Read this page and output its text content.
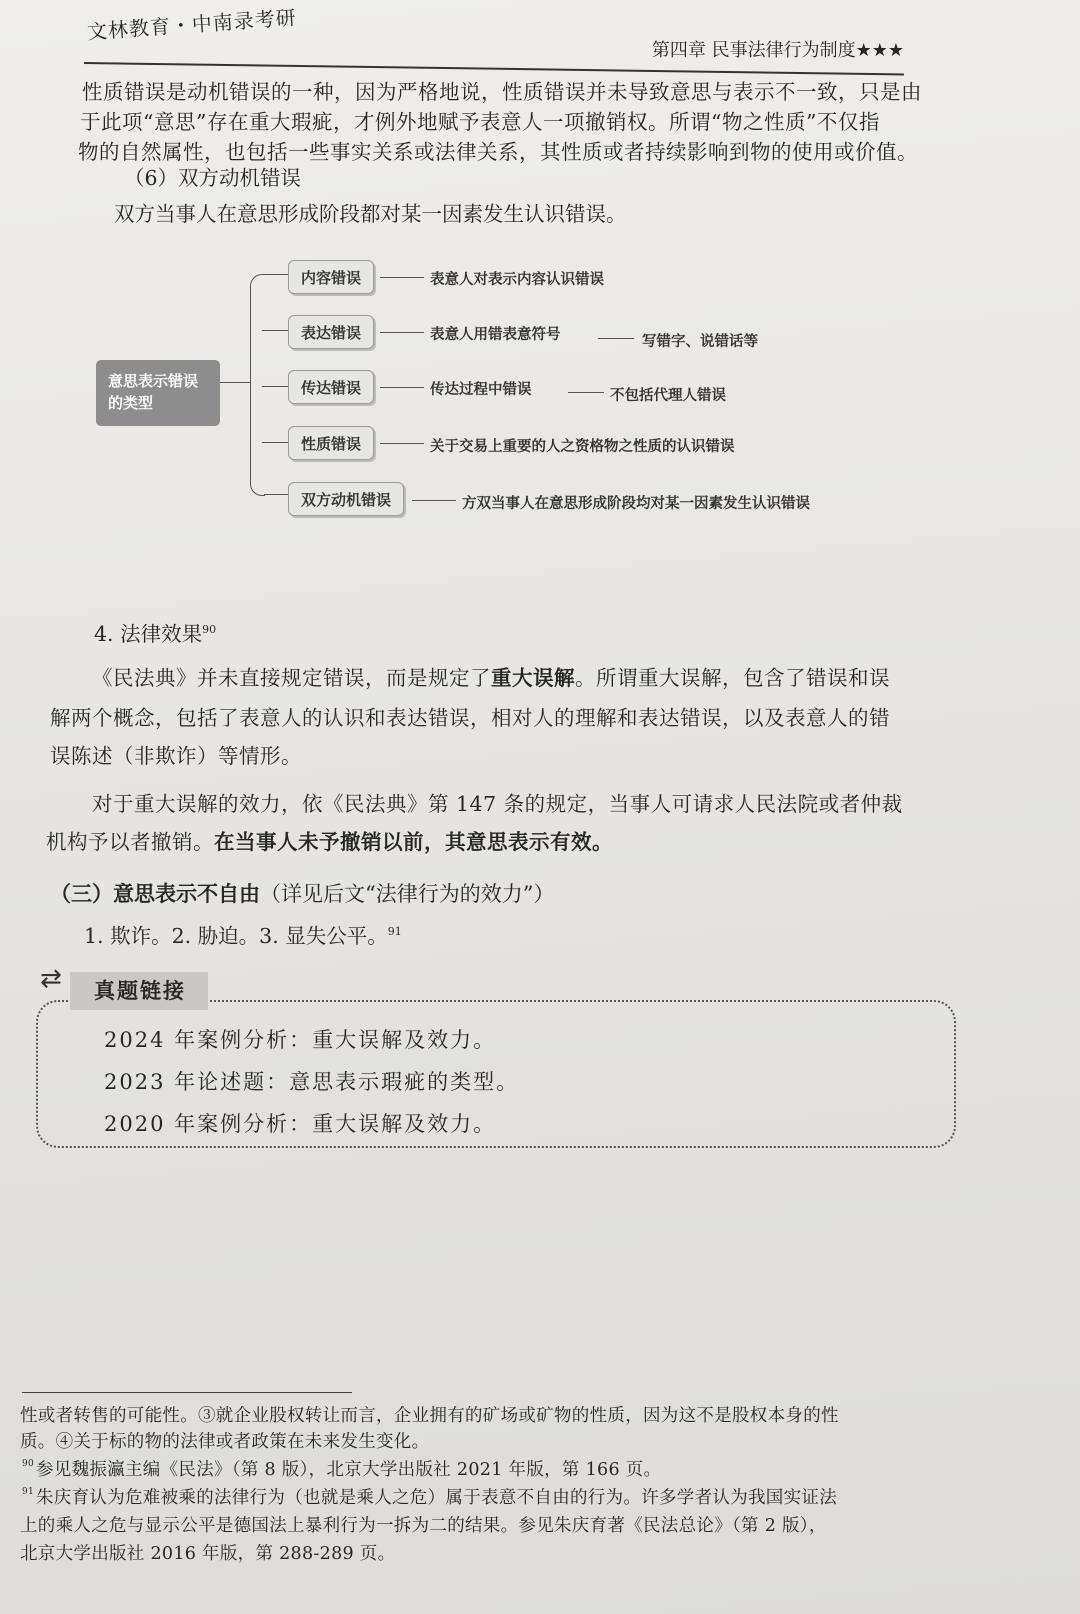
文林教育・中南录考研
第四章 民事法律行为制度★★★
性质错误是动机错误的一种，因为严格地说，性质错误并未导致意思与表示不一致，只是由
于此项“意思”存在重大瑕疵，才例外地赋予表意人一项撤销权。所谓“物之性质”不仅指
物的自然属性，也包括一些事实关系或法律关系，其性质或者持续影响到物的使用或价值。
（6）双方动机错误
双方当事人在意思形成阶段都对某一因素发生认识错误。
意思表示错误的类型
内容错误	表意人对表示内容认识错误
表达错误	表意人用错表意符号	写错字、说错话等
传达错误	传达过程中错误	不包括代理人错误
性质错误	关于交易上重要的人之资格物之性质的认识错误
双方动机错误	方双当事人在意思形成阶段均对某一因素发生认识错误
4. 法律效果$^{90}$
《民法典》并未直接规定错误，而是规定了重大误解。所谓重大误解，包含了错误和误
解两个概念，包括了表意人的认识和表达错误，相对人的理解和表达错误，以及表意人的错
误陈述（非欺诈）等情形。
对于重大误解的效力，依《民法典》第 147 条的规定，当事人可请求人民法院或者仲裁
机构予以者撤销。在当事人未予撤销以前，其意思表示有效。
（三）意思表示不自由（详见后文“法律行为的效力”）
1. 欺诈。2. 胁迫。3. 显失公平。$^{91}$
⇄	真题链接
2024 年案例分析：重大误解及效力。
2023 年论述题：意思表示瑕疵的类型。
2020 年案例分析：重大误解及效力。
性或者转售的可能性。③就企业股权转让而言，企业拥有的矿场或矿物的性质，因为这不是股权本身的性
质。④关于标的物的法律或者政策在未来发生变化。
90 参见魏振瀛主编《民法》（第 8 版），北京大学出版社 2021 年版，第 166 页。
91 朱庆育认为危难被乘的法律行为（也就是乘人之危）属于表意不自由的行为。许多学者认为我国实证法
上的乘人之危与显示公平是德国法上暴利行为一拆为二的结果。参见朱庆育著《民法总论》（第 2 版），
北京大学出版社 2016 年版，第 288-289 页。
